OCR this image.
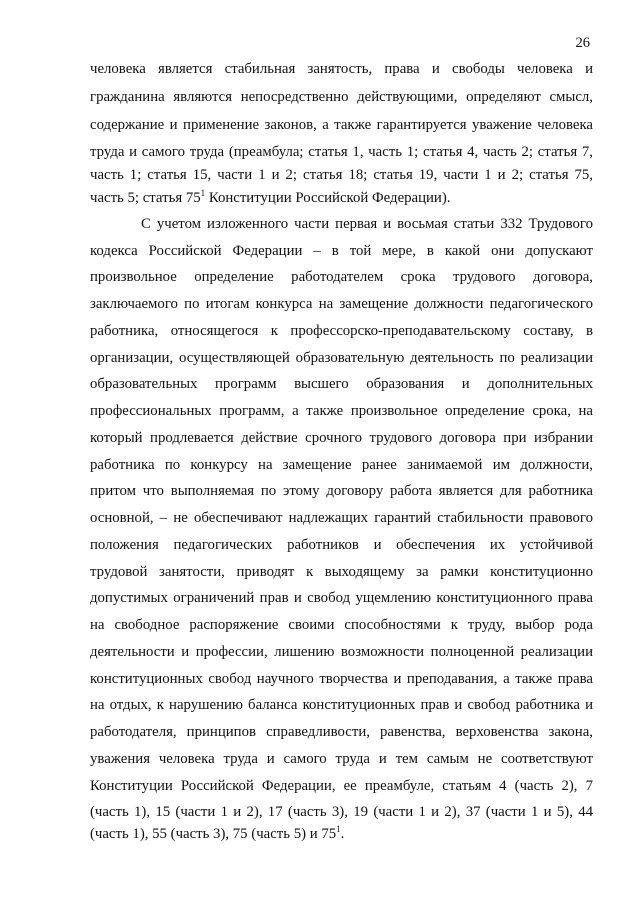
26
человека является стабильная занятость, права и свободы человека и
гражданина являются непосредственно действующими, определяют смысл,
содержание и применение законов, а также гарантируется уважение человека
труда и самого труда (преамбула; статья 1, часть 1; статья 4, часть 2; статья 7,
часть 1; статья 15, части 1 и 2; статья 18; статья 19, части 1 и 2; статья 75,
часть 5; статья $75^1$ Конституции Российской Федерации).
С учетом изложенного части первая и восьмая статьи 332 Трудового
кодекса Российской Федерации – в той мере, в какой они допускают
произвольное определение работодателем срока трудового договора,
заключаемого по итогам конкурса на замещение должности педагогического
работника, относящегося к профессорско-преподавательскому составу, в
организации, осуществляющей образовательную деятельность по реализации
образовательных программ высшего образования и дополнительных
профессиональных программ, а также произвольное определение срока, на
который продлевается действие срочного трудового договора при избрании
работника по конкурсу на замещение ранее занимаемой им должности,
притом что выполняемая по этому договору работа является для работника
основной, – не обеспечивают надлежащих гарантий стабильности правового
положения педагогических работников и обеспечения их устойчивой
трудовой занятости, приводят к выходящему за рамки конституционно
допустимых ограничений прав и свобод ущемлению конституционного права
на свободное распоряжение своими способностями к труду, выбор рода
деятельности и профессии, лишению возможности полноценной реализации
конституционных свобод научного творчества и преподавания, а также права
на отдых, к нарушению баланса конституционных прав и свобод работника и
работодателя, принципов справедливости, равенства, верховенства закона,
уважения человека труда и самого труда и тем самым не соответствуют
Конституции Российской Федерации, ее преамбуле, статьям 4 (часть 2), 7
(часть 1), 15 (части 1 и 2), 17 (часть 3), 19 (части 1 и 2), 37 (части 1 и 5), 44
(часть 1), 55 (часть 3), 75 (часть 5) и $75^1$.
